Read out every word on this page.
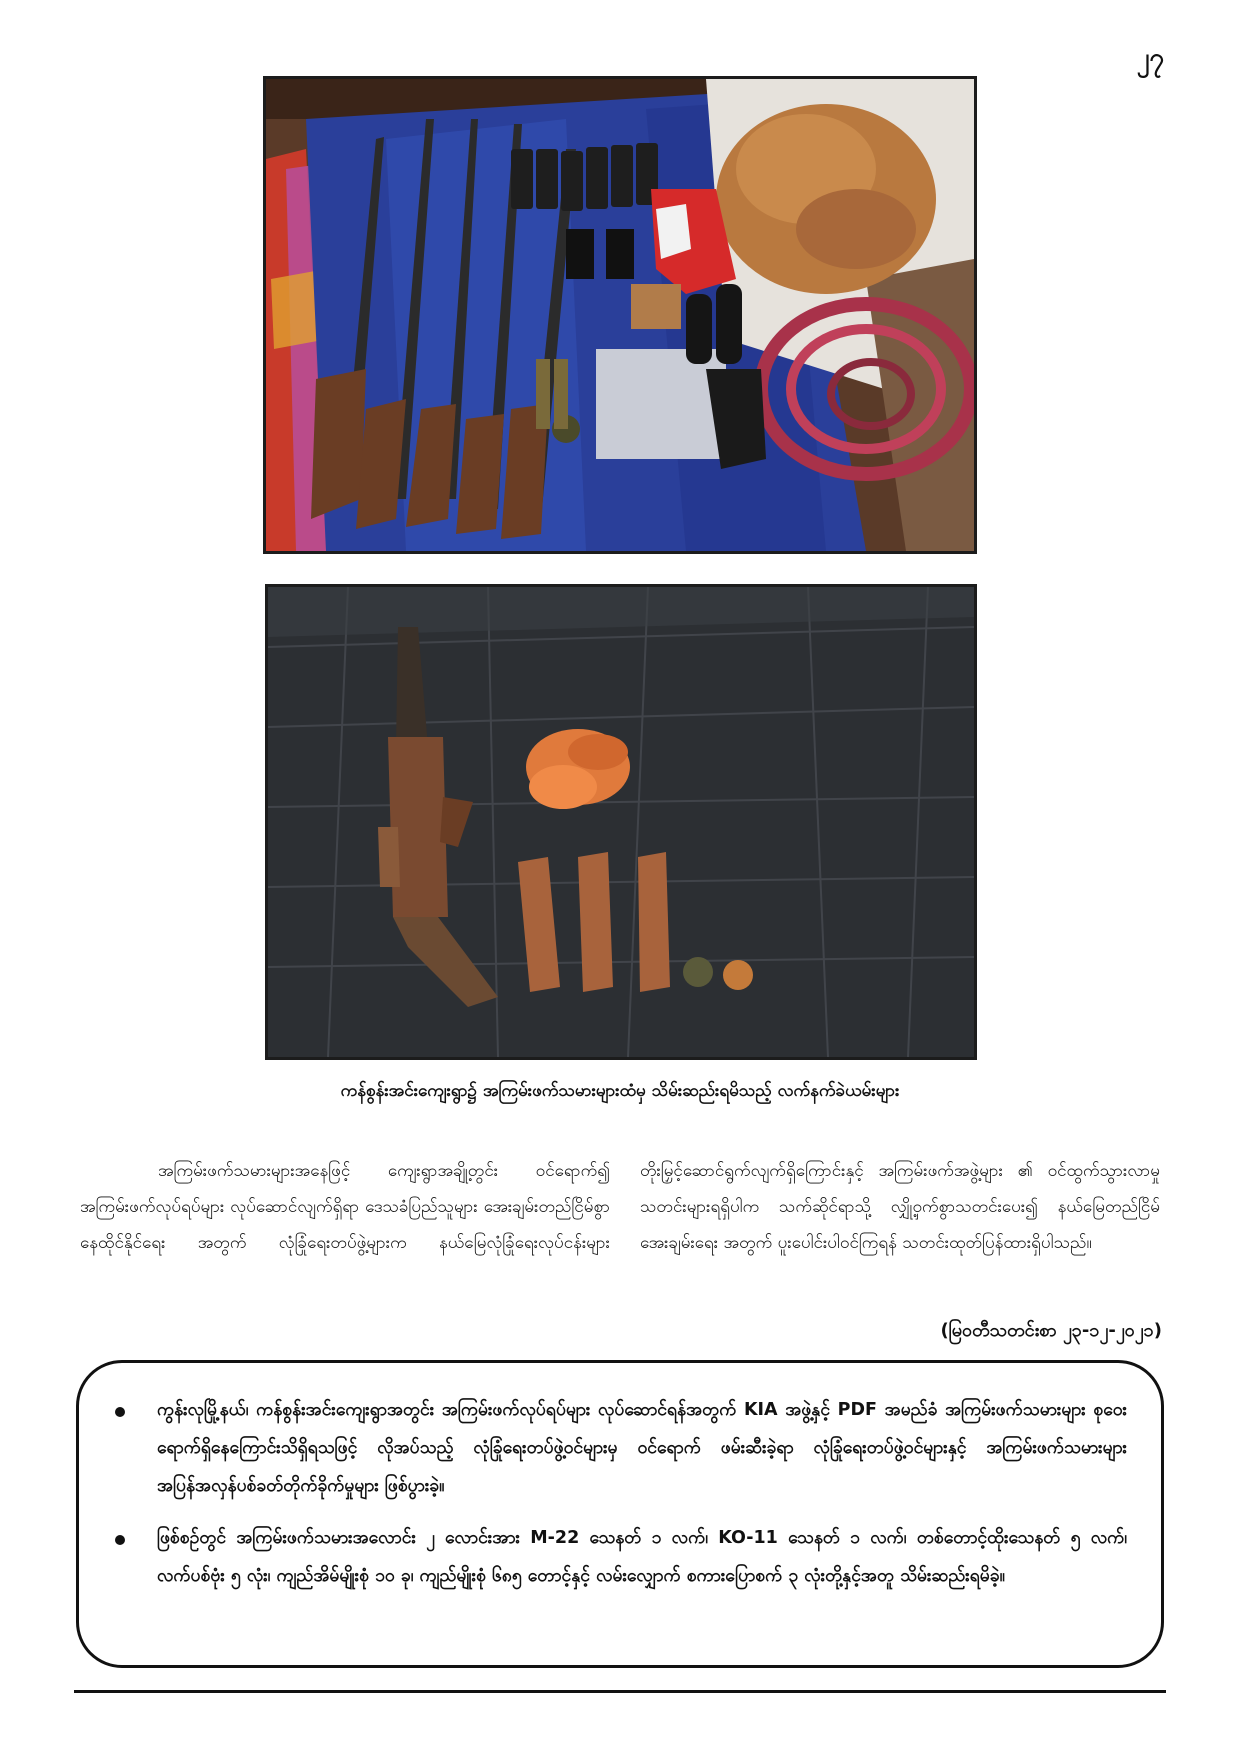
၂၇
ကန်စွန်းအင်းကျေးရွာ၌ အကြမ်းဖက်သမားများထံမှ သိမ်းဆည်းရမိသည့် လက်နက်ခဲယမ်းများ

အကြမ်းဖက်သမားများအနေဖြင့် ကျေးရွာအချို့တွင်း ဝင်ရောက်၍ အကြမ်းဖက်လုပ်ရပ်များ လုပ်ဆောင်လျက်ရှိရာ ဒေသခံပြည်သူများ အေးချမ်းတည်ငြိမ်စွာ နေထိုင်နိုင်ရေး အတွက် လုံခြုံရေးတပ်ဖွဲ့များက နယ်မြေလုံခြုံရေးလုပ်ငန်းများ

တိုးမြှင့်ဆောင်ရွက်လျက်ရှိကြောင်းနှင့် အကြမ်းဖက်အဖွဲ့များ ၏ ဝင်ထွက်သွားလာမှု သတင်းများရရှိပါက သက်ဆိုင်ရာသို့ လျှို့ဝှက်စွာသတင်းပေး၍ နယ်မြေတည်ငြိမ်အေးချမ်းရေး အတွက် ပူးပေါင်းပါဝင်ကြရန် သတင်းထုတ်ပြန်ထားရှိပါသည်။

(မြဝတီသတင်းစာ ၂၃-၁၂-၂၀၂၁)
ကွန်းလုမြို့နယ်၊ ကန်စွန်းအင်းကျေးရွာအတွင်း အကြမ်းဖက်လုပ်ရပ်များ လုပ်ဆောင်ရန်အတွက် KIA အဖွဲ့နှင့် PDF အမည်ခံ အကြမ်းဖက်သမားများ စုဝေးရောက်ရှိနေကြောင်းသိရှိရသဖြင့် လိုအပ်သည့် လုံခြုံရေးတပ်ဖွဲ့ဝင်များမှ ဝင်ရောက် ဖမ်းဆီးခဲ့ရာ လုံခြုံရေးတပ်ဖွဲ့ဝင်များနှင့် အကြမ်းဖက်သမားများ အပြန်အလှန်ပစ်ခတ်တိုက်ခိုက်မှုများ ဖြစ်ပွားခဲ့။
ဖြစ်စဉ်တွင် အကြမ်းဖက်သမားအလောင်း ၂ လောင်းအား M-22 သေနတ် ၁ လက်၊ KO-11 သေနတ် ၁ လက်၊ တစ်တောင့်ထိုးသေနတ် ၅ လက်၊ လက်ပစ်ဗုံး ၅ လုံး၊ ကျည်အိမ်မျိုးစုံ ၁၀ ခု၊ ကျည်မျိုးစုံ ၆၈၅ တောင့်နှင့် လမ်းလျှောက် စကားပြောစက် ၃ လုံးတို့နှင့်အတူ သိမ်းဆည်းရမိခဲ့။
